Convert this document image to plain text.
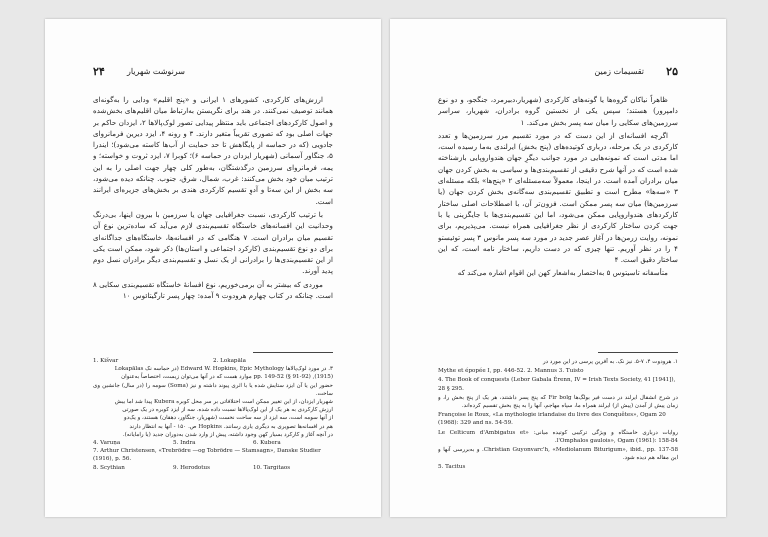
۲۴	سرنوشت شهریار

ارزش‌های کارکردی، کشورهای ۱ ایرانی و «پنج اقلیم» و‌دایی را به‌گونه‌ای همانند توصیف نمی‌کنند. در هند برای نگریستن به‌ارتباط میان اقلیم‌های بخش‌شده و اصول کارکردهای اجتماعی باید منتظر پیدایی تصور لوک‌پالاها ۲، ایزدان حاکم بر جهات اصلی بود که تصوری تقریباً متغیر دارند. ۳ و رونه ۴، ایزد دیرین فرمانروای جادویی (که در حماسه از پایگاهش تا حد حمایت از آب‌ها کاسته می‌شود)؛ ایندرا ۵، جنگاور آسمانی (شهریار ایزدان در حماسه ۶)؛ کوبرا ۷، ایزد ثروت و خواسته؛ و یمه، فرمانروای سرزمین درگذشتگان، به‌طور کلی چهار جهت اصلی را به این ترتیب میان خود بخش می‌کنند: غرب، شمال، شرق، جنوب. چنانکه دیده می‌شود، سه بخش از این سه‌تا و‌ آدوِ تقسیم کارکردی هندی بر بخش‌های جزیره‌ای ایرانند است.

با ترتیب کارکردی، نسبت جغرافیایی جهان یا سرزمین با بیرون اینها، بی‌درنگ وحدانیت این افسانه‌های خاستگاه تقسیم‌بندی لازم می‌آید که ساده‌ترین نوع آن تقسیم میان برادران است. ۷ هنگامی که در افسانه‌ها، خاستگاه‌های جداگانه‌ای برای دو نوع تقسیم‌بندی (کارکرد اجتماعی و استان‌ها) ذکر شود، ممکن است یکی از این تقسیم‌بندی‌ها را برادرانی از یک نسل و تقسیم‌بندی دیگر برادران نسل دوم پدید آورند.

موردی که بیشتر به آن برمی‌خوریم، نوع افسانهٔ خاستگاه تقسیم‌بندی سکایی ۸ است. چنانکه در کتاب چهارم هرودوت ۹ آمده: چهار پسر تارگیتائوس ۱۰

1. Kišvar	2. Lokapāla
۳. در مورد لوک‌پالاها Edward W. Hopkins, Epic Mythology (در حماسه نک Lokapālas
(1915), pp. 149-52 (§ 91-92) موارد هست که در آنها می‌توان زیست، اختصاصاً به‌عنوان
حضور این یا آن ایزد ستایش شده یا با اثری پیوند داشته و نیز (Soma) سومه را (در سال) جانشین وی ساخت.
شهریار ایزدان، از این تغییر ممکن است اختلافاتی بر سر محل کوبره Kubera پیدا شد اما بیش
ارزش کارکردی به هر یک از این لوک‌پالاها نسبت داده شده. سه از ایزد کوبره در یک صورتی
از آنها سومه است، سه ایزد از سه ساحت نخست (شهریار، جنگاور، دهقان) هستند، و یک‌دو
هم در افسانه‌ها تصویری به دیگری یاری رسانند. Hopkins ص. ۱۵۰ - آنها به انتظار دارند
در آنچه آغاز و کارکرد بسیار کهن وجود داشته، پیش از وارد شدن به‌دوران جدید (یا رامایانه).
4. Varuṇa	5. Indra	6. Kubera
7. Arthur Christensen, «Trebrödre —og Tobrödre — Stamsagn», Danske Studier (1916), p. 56.
8. Scythian	9. Herodotus	10. Targitaos
تقسیمات زمین ۲۵

ظاهراً نیاکان گروه‌ها یا گونه‌های کارکردی (شهریار،دبیر‌مرد، جنگجو، و دو نوع دامپرور) هستند؛ سپس یکی از نخستین گروه برادران، شهریار، سراسر سرزمین‌های سکایی را میان سه پسر بخش می‌کند. ۱

اگرچه افسانه‌ای از این دست که در مورد تقسیم مرز سرزمین‌ها و تعدد کارکردی در یک مرحله، درباری کوتیده‌های (پنج بخش) ایرلندی به‌ما رسیده است، اما مدتی است که نمونه‌هایی در مورد جوانب دیگرِ جهان هندواروپایی بازشناخته شده است که در آنها شرح دقیقی از تقسیم‌بندی‌ها و سیاسی به بخش کردن جهان میان برادران آمده است. در اینجا، معمولاً سه‌مسئله‌ای ۲ «پنج‌ها» بلکه مسئله‌ای ۳ «سه‌ها» مطرح است و تطبیق تقسیم‌بندی سه‌گانه‌ی بخش کردن جهان (یا سرزمین‌ها) میان سه پسر ممکن است. فزون‌تر آن، با اصطلاحات اصلی ساختار کارکردهای هندواروپایی ممکن می‌شود، اما این تقسیم‌بندی‌ها با جایگزینی یا با جهت کردن ساختار کارکردی از نظر جغرافیایی همراه نیست. می‌پذیریم، برای نمونه، روایت زرمن‌ها در آغاز عصر جدید در مورد سه پسر مانوس ۳ پسر توئیستو ۴ را در نظر آوریم. تنها چیزی که در دست داریم، ساختار نامه است، که این ساختار دقیق است. ۴

متأسفانه تاسیتوس ۵ به‌اختصار به‌اشعار کهن این اقوام اشاره می‌کند که

۱. هرودوت ۴، ۷-۵. نیز نک. به آفرین پرسی در این مورد در
Mythe et épopée I, pp. 446-52. 2. Mannus 3. Tuisto
4. The Book of conquests (Lebor Gabala Érenn, IV = Irish Texts Society, 41 [1941]), 28 § 295.
در شرح انشقال ایرلند در دست فیر بولگ‌ها Fir bolg که پنج پسر داشتند، هر یک از پنج بخش را، و زمان پیش از آمدن (پیش از) ایرلند همراه ما، سپاه مهاجم، آنها را به پنج بخش تقسیم کرده‌اند.
Françoise le Roux, «La mythologie irlandaise du livre des Conquêtes», Ogam 20 (1968): 329 and ns. 54-59.
روایات درباری خاستگاه و ویژگی ترکیبی کوتیده میانی: «Le Celticum d'Ambigatus et l'Omphalos gaulois», Ogam (1961): 158-84.
Christian Guyonvarc'h, «Mediolanum Biturigum», ibid., pp. 137-58. و به‌بررسی آنها و این مقاله هم دیده شود.
5. Tacitus
